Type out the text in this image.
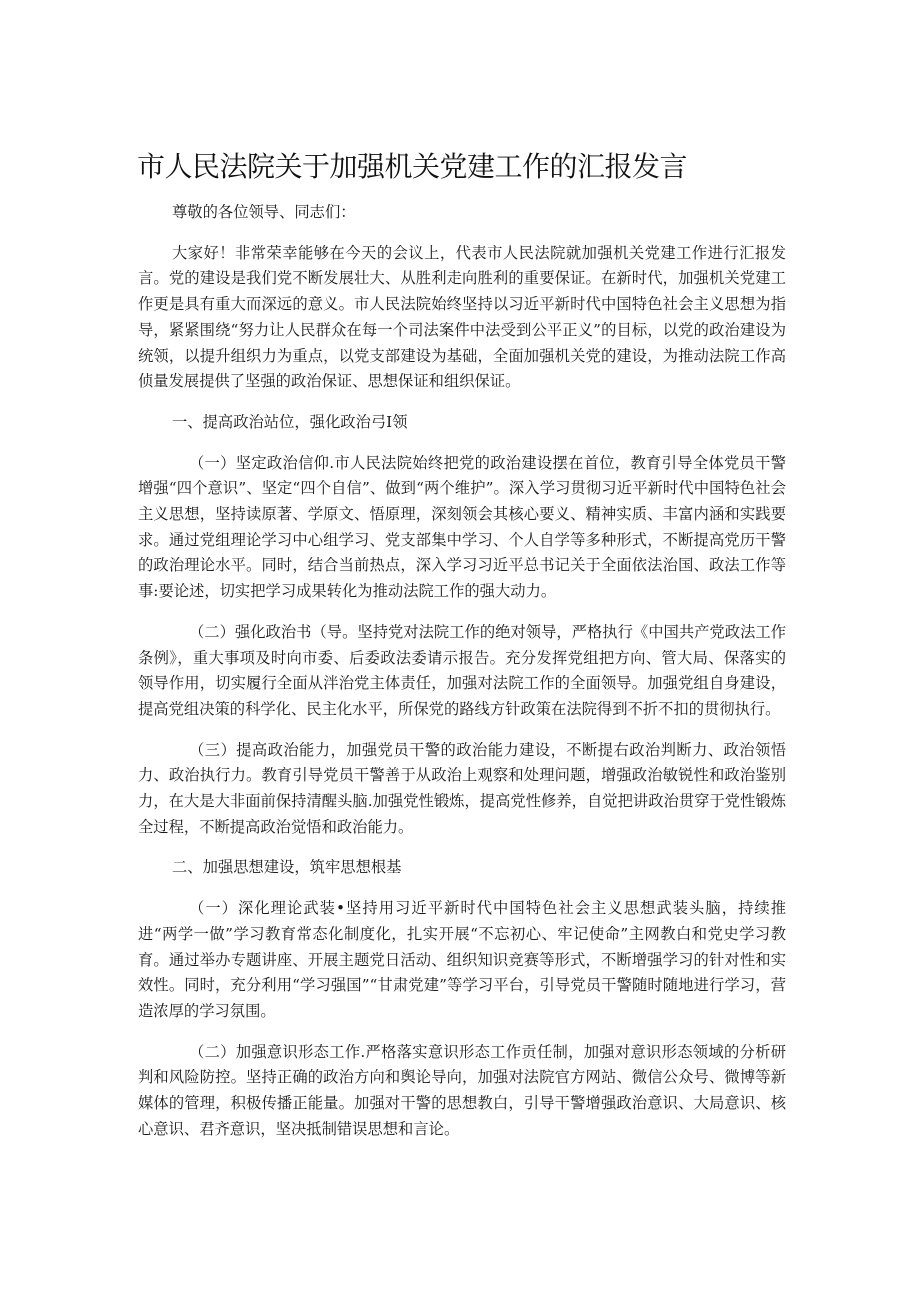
市人民法院关于加强机关党建工作的汇报发言

尊敬的各位领导、同志们：

大家好！非常荣幸能够在今天的会议上，代表市人民法院就加强机关党建工作进行汇报发言。党的建设是我们党不断发展壮大、从胜利走向胜利的重要保证。在新时代，加强机关党建工作更是具有重大而深远的意义。市人民法院始终坚持以习近平新时代中国特色社会主义思想为指导，紧紧围绕“努力让人民群众在每一个司法案件中法受到公平正义”的目标，以党的政治建设为统领，以提升组织力为重点，以党支部建设为基础，全面加强机关党的建设，为推动法院工作高侦量发展提供了坚强的政治保证、思想保证和组织保证。

一、提高政治站位，强化政治弓I领

（一）坚定政治信仰.市人民法院始终把党的政治建设摆在首位，教育引导全体党员干警增强“四个意识”、坚定“四个自信”、做到“两个维护”。深入学习贯彻习近平新时代中国特色社会主义思想，坚持读原著、学原文、悟原理，深刻领会其核心要义、精神实质、丰富内涵和实践要求。通过党组理论学习中心组学习、党支部集中学习、个人自学等多种形式，不断提高党历干警的政治理论水平。同时，结合当前热点，深入学习习近平总书记关于全面依法治国、政法工作等事:要论述，切实把学习成果转化为推动法院工作的强大动力。

（二）强化政治书（导。坚持党对法院工作的绝对领导，严格执行《中国共产党政法工作条例》，重大事项及时向市委、后委政法委请示报告。充分发挥党组把方向、管大局、保落实的领导作用，切实履行全面从泮治党主体责任，加强对法院工作的全面领导。加强党组自身建设，提高党组决策的科学化、民主化水平，所保党的路线方针政策在法院得到不折不扣的贯彻执行。

（三）提高政治能力，加强党员干警的政治能力建设，不断提右政治判断力、政治领悟力、政治执行力。教育引导党员干警善于从政治上观察和处理问题，增强政治敏锐性和政治鉴别力，在大是大非面前保持清醒头脑.加强党性锻炼，提高党性修养，自觉把讲政治贯穿于党性锻炼全过程，不断提高政治觉悟和政治能力。

二、加强思想建设，筑牢思想根基

（一）深化理论武装•坚持用习近平新时代中国特色社会主义思想武装头脑，持续推进“两学一做”学习教育常态化制度化，扎实开展“不忘初心、牢记使命”主网教白和党史学习教育。通过举办专题讲座、开展主题党日活动、组织知识竞赛等形式，不断增强学习的针对性和实效性。同时，充分利用“学习强国”“甘肃党建”等学习平台，引导党员干警随时随地进行学习，营造浓厚的学习氛围。

（二）加强意识形态工作.严格落实意识形态工作贡任制，加强对意识形态领域的分析研判和风险防控。坚持正确的政治方向和舆论导向，加强对法院官方网站、微信公众号、微博等新媒体的管理，积极传播正能量。加强对干警的思想教白，引导干警增强政治意识、大局意识、核心意识、君齐意识，坚决抵制错误思想和言论。
